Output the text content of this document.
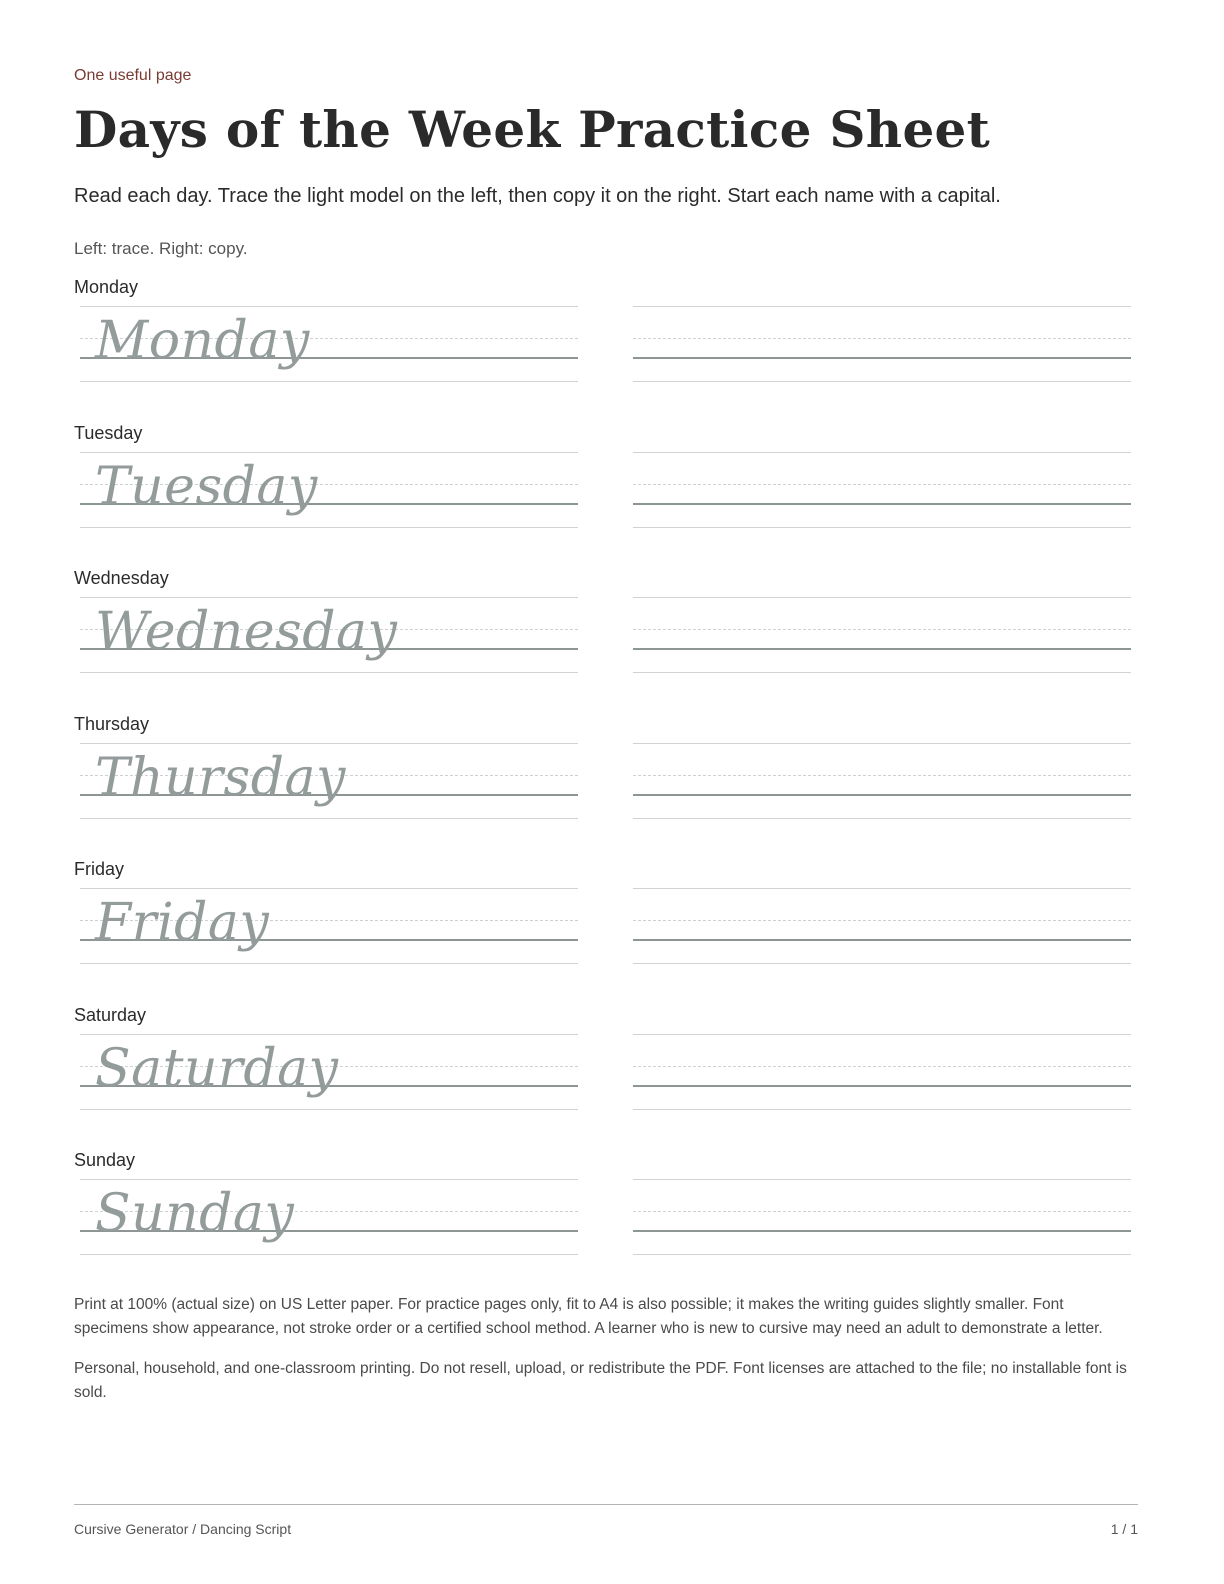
One useful page
Days of the Week Practice Sheet
Read each day. Trace the light model on the left, then copy it on the right. Start each name with a capital.
Left: trace. Right: copy.
Monday
Monday
Tuesday
Tuesday
Wednesday
Wednesday
Thursday
Thursday
Friday
Friday
Saturday
Saturday
Sunday
Sunday

Print at 100% (actual size) on US Letter paper. For practice pages only, fit to A4 is also possible; it makes the writing guides slightly smaller. Font specimens show appearance, not stroke order or a certified school method. A learner who is new to cursive may need an adult to demonstrate a letter.

Personal, household, and one-classroom printing. Do not resell, upload, or redistribute the PDF. Font licenses are attached to the file; no installable font is sold.

Cursive Generator / Dancing Script	1 / 1
